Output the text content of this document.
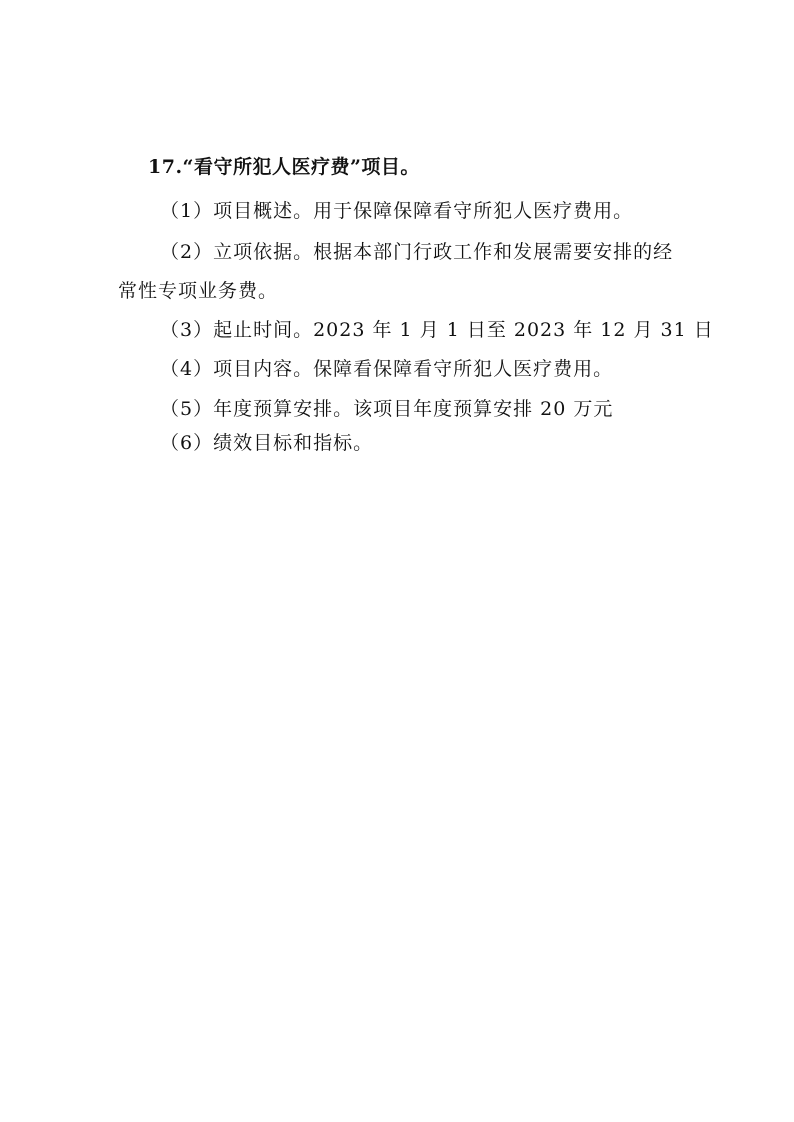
17.“看守所犯人医疗费”项目。
（1）项目概述。用于保障保障看守所犯人医疗费用。
（2）立项依据。根据本部门行政工作和发展需要安排的经
常性专项业务费。
（3）起止时间。2023 年 1 月 1 日至 2023 年 12 月 31 日
（4）项目内容。保障看保障看守所犯人医疗费用。
（5）年度预算安排。该项目年度预算安排 20 万元
（6）绩效目标和指标。
